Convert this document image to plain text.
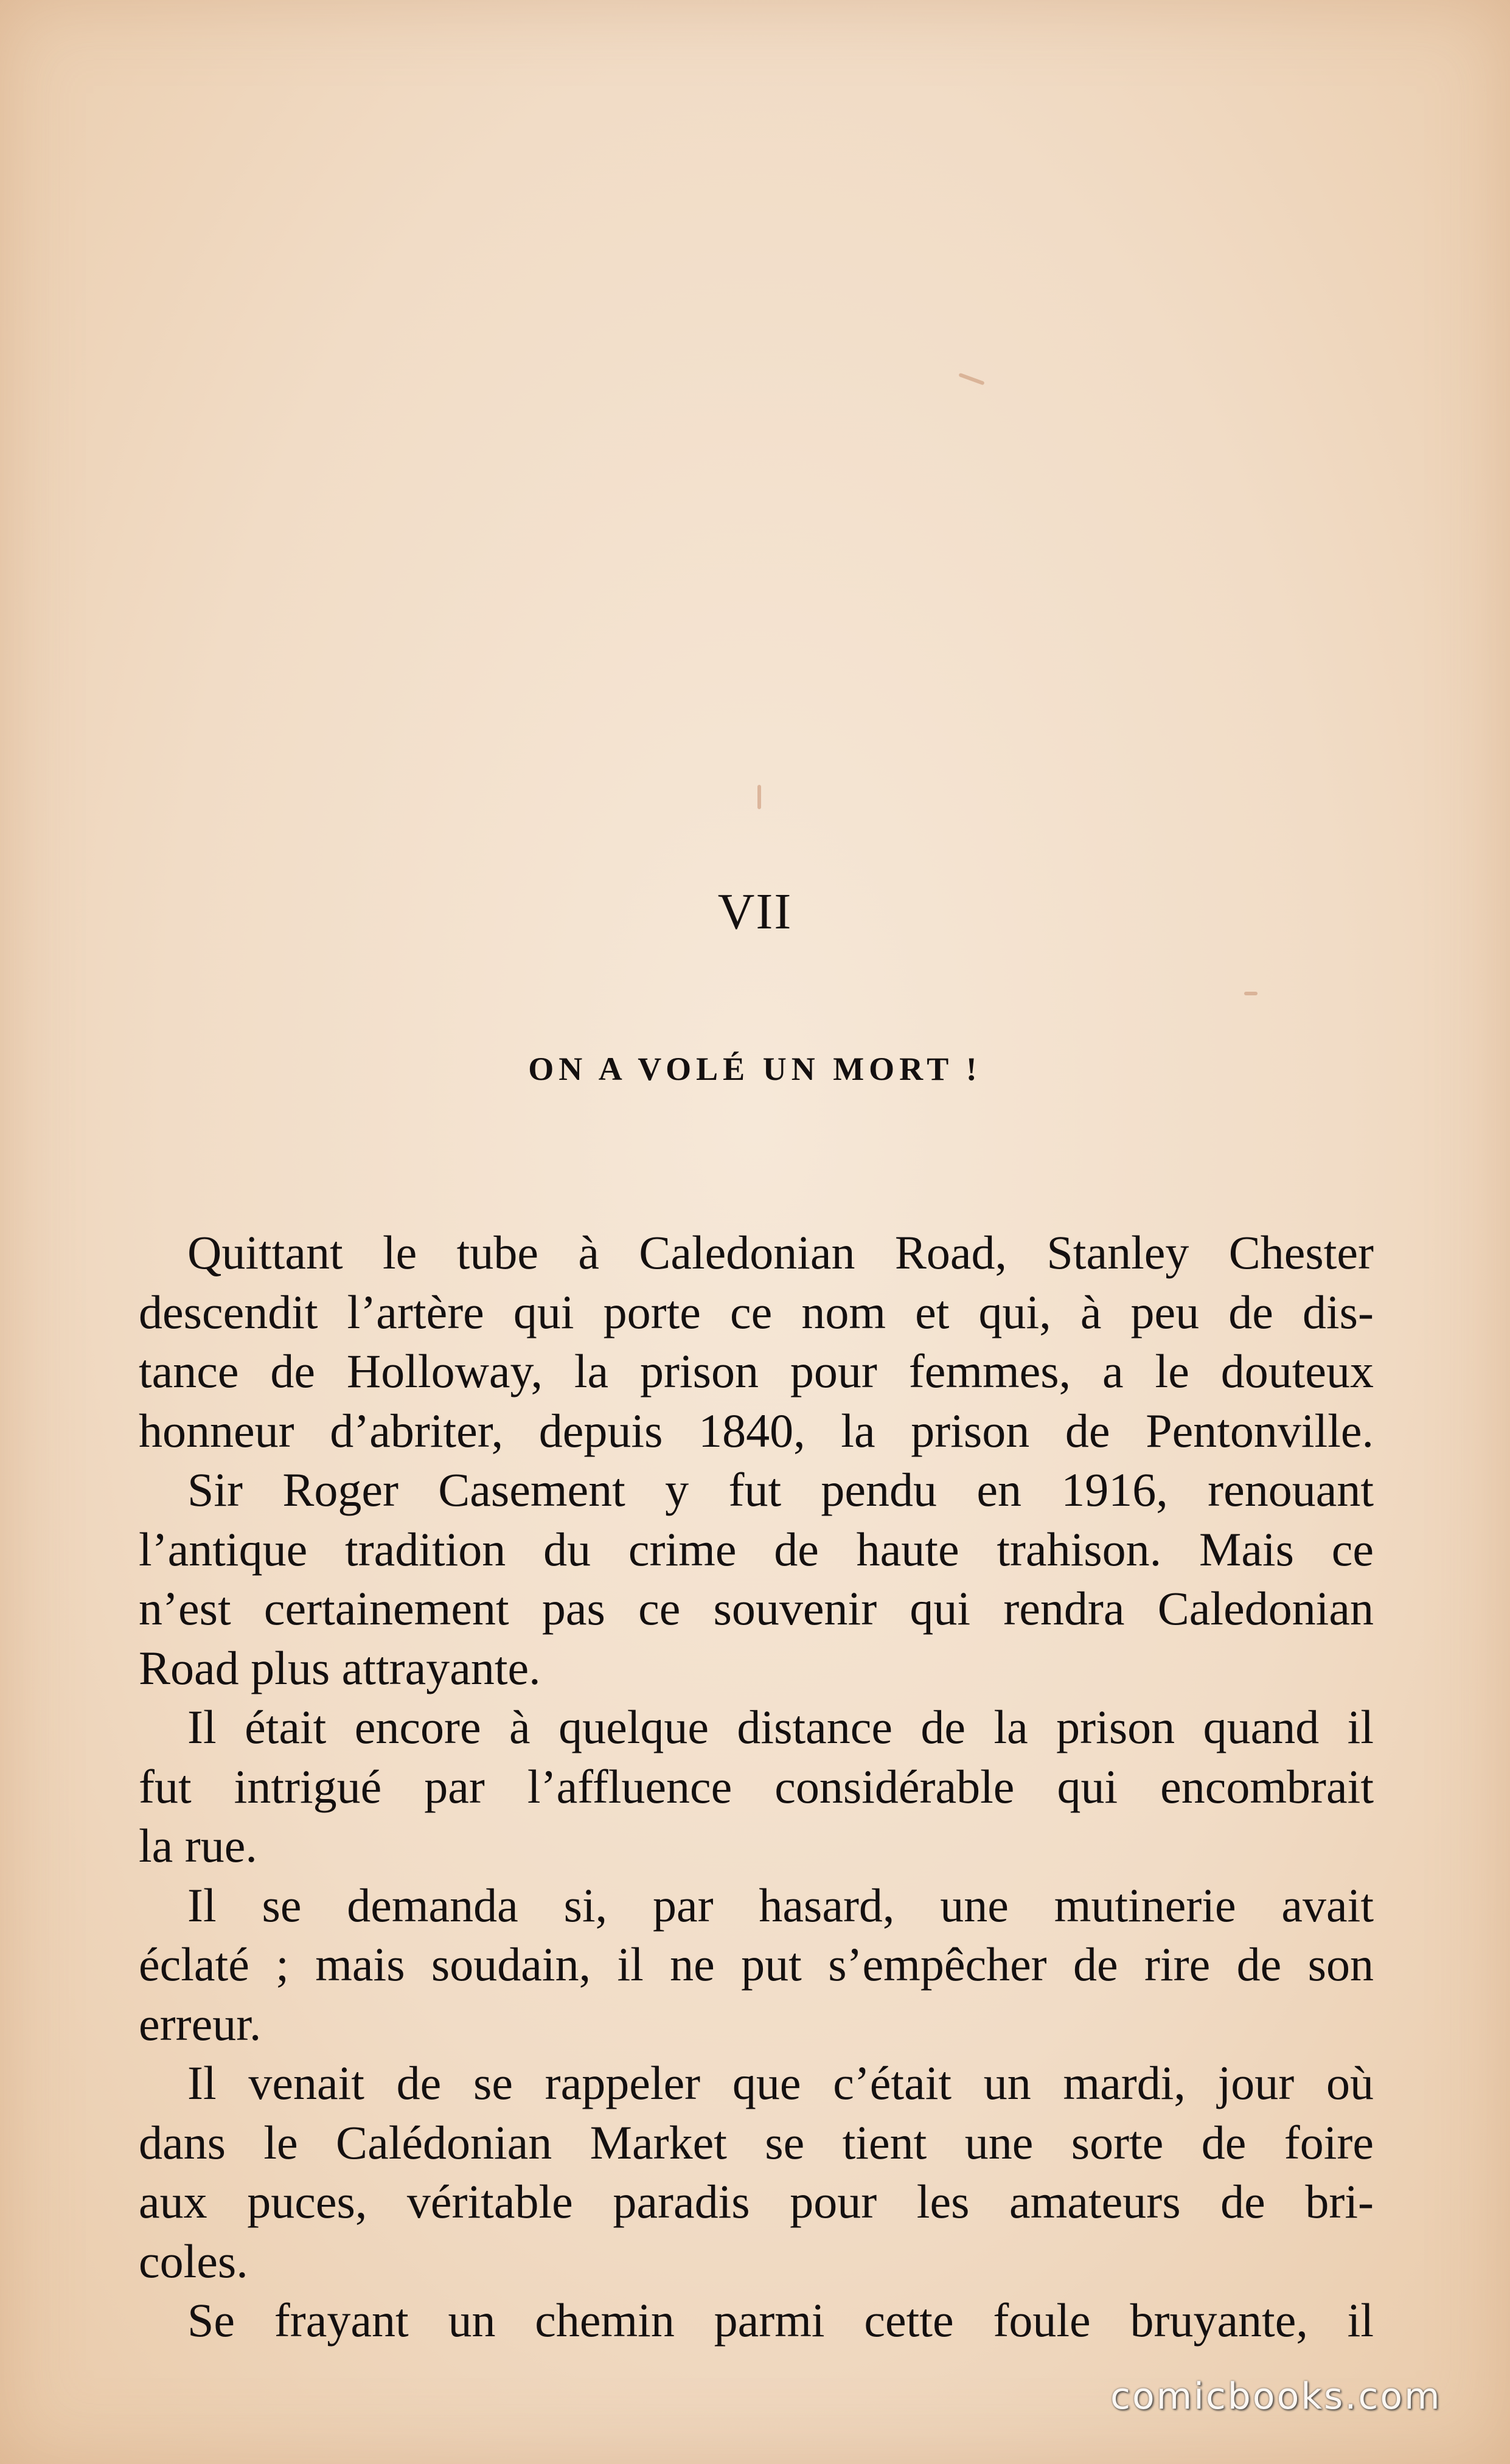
VII
ON A VOLÉ UN MORT !
Quittant le tube à Caledonian Road, Stanley Chester
descendit l’artère qui porte ce nom et qui, à peu de dis-
tance de Holloway, la prison pour femmes, a le douteux
honneur d’abriter, depuis 1840, la prison de Pentonville.
Sir Roger Casement y fut pendu en 1916, renouant
l’antique tradition du crime de haute trahison. Mais ce
n’est certainement pas ce souvenir qui rendra Caledonian
Road plus attrayante.
Il était encore à quelque distance de la prison quand il
fut intrigué par l’affluence considérable qui encombrait
la rue.
Il se demanda si, par hasard, une mutinerie avait
éclaté ; mais soudain, il ne put s’empêcher de rire de son
erreur.
Il venait de se rappeler que c’était un mardi, jour où
dans le Calédonian Market se tient une sorte de foire
aux puces, véritable paradis pour les amateurs de bri-
coles.
Se frayant un chemin parmi cette foule bruyante, il
comicbooks.com
